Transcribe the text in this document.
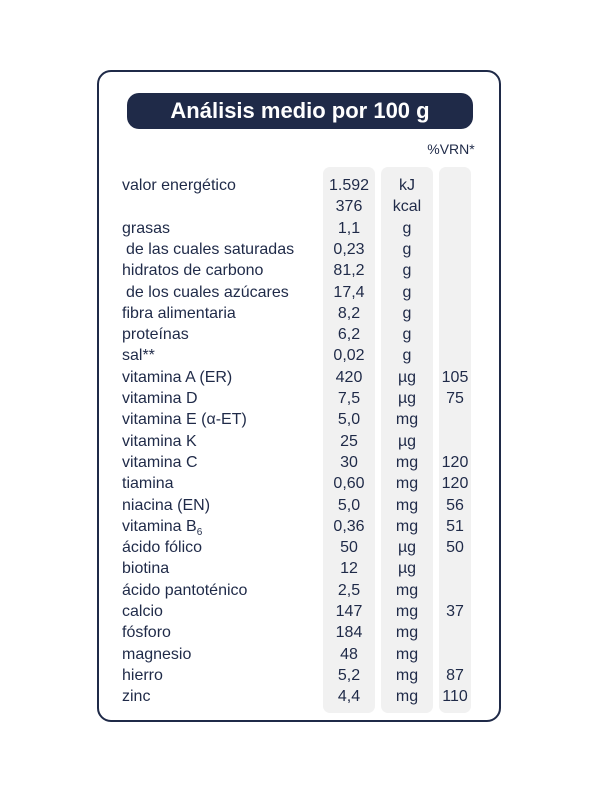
Análisis medio por 100 g
%VRN*
valor energético	1.592	kJ
376	kcal
grasas	1,1	g
de las cuales saturadas	0,23	g
hidratos de carbono	81,2	g
de los cuales azúcares	17,4	g
fibra alimentaria	8,2	g
proteínas	6,2	g
sal**	0,02	g
vitamina A (ER)	420	µg	105
vitamina D	7,5	µg	75
vitamina E (α-ET)	5,0	mg
vitamina K	25	µg
vitamina C	30	mg	120
tiamina	0,60	mg	120
niacina (EN)	5,0	mg	56
vitamina $B_6$	0,36	mg	51
ácido fólico	50	µg	50
biotina	12	µg
ácido pantoténico	2,5	mg
calcio	147	mg	37
fósforo	184	mg
magnesio	48	mg
hierro	5,2	mg	87
zinc	4,4	mg	110
